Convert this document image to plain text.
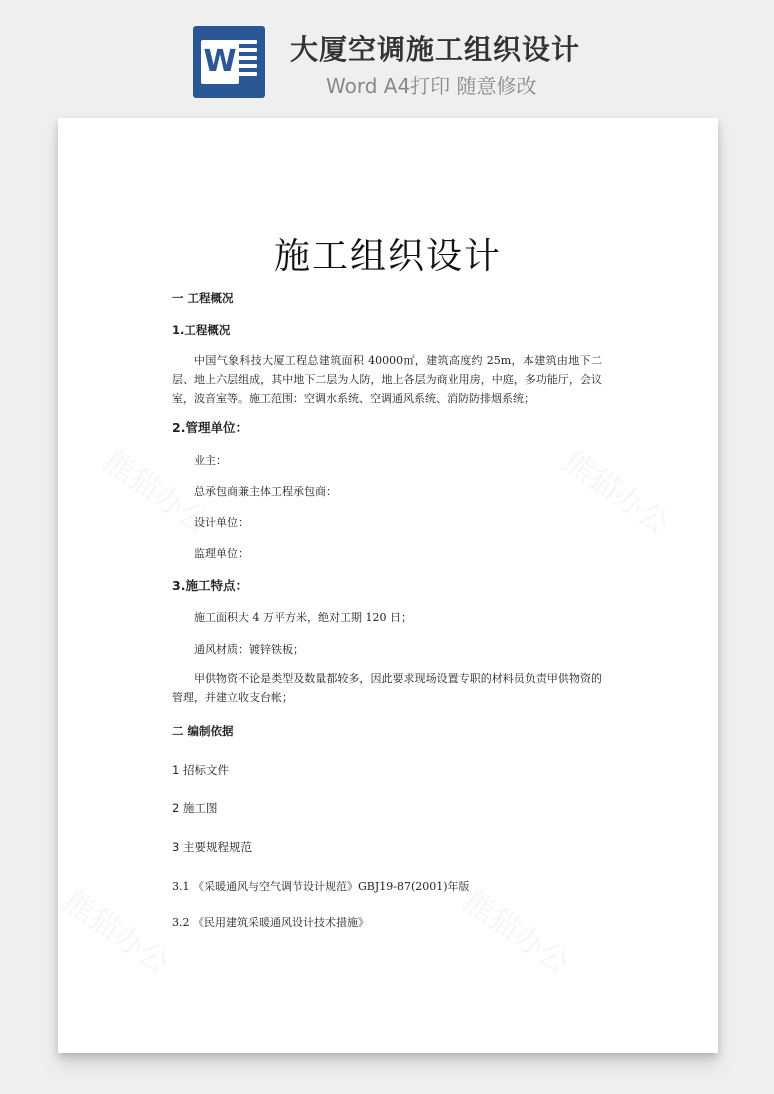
W 大厦空调施工组织设计
Word A4打印 随意修改
施工组织设计
一 工程概况
1.工程概况
中国气象科技大厦工程总建筑面积 40000㎡，建筑高度约 25m，本建筑由地下二层、地上六层组成，其中地下二层为人防，地上各层为商业用房，中庭，多功能厅，会议室，波音室等。施工范围：空调水系统、空调通风系统、消防防排烟系统；
2.管理单位：
业主：
总承包商兼主体工程承包商：
设计单位：
监理单位：
3.施工特点：
施工面积大 4 万平方米，绝对工期 120 日；
通风材质：镀锌铁板；
甲供物资不论是类型及数量都较多，因此要求现场设置专职的材料员负责甲供物资的管理，并建立收支台帐；
二 编制依据
1 招标文件
2 施工图
3 主要规程规范
3.1 《采暖通风与空气调节设计规范》GBJ19-87(2001)年版
3.2 《民用建筑采暖通风设计技术措施》
